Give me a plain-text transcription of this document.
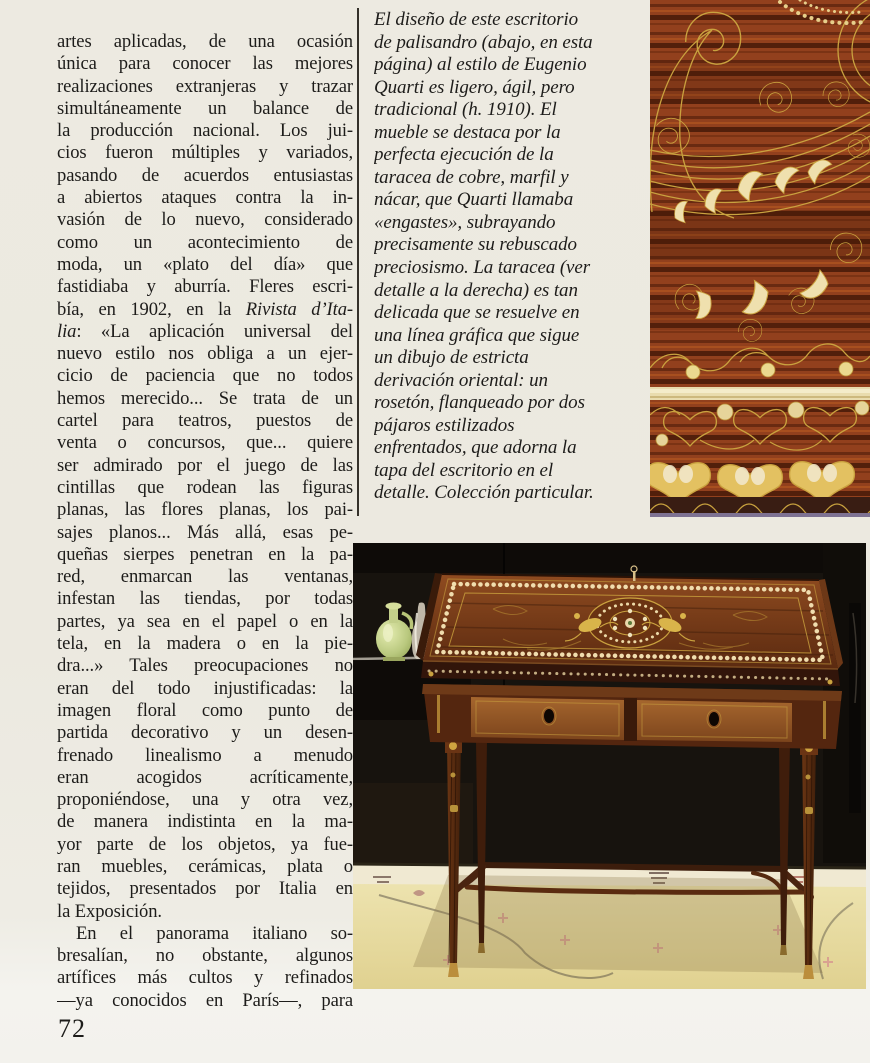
artes aplicadas, de una ocasión
única para conocer las mejores
realizaciones extranjeras y trazar
simultáneamente un balance de
la producción nacional. Los jui-
cios fueron múltiples y variados,
pasando de acuerdos entusiastas
a abiertos ataques contra la in-
vasión de lo nuevo, considerado
como un acontecimiento de
moda, un «plato del día» que
fastidiaba y aburría. Fleres escri-
bía, en 1902, en la Rivista d’Ita-
lia: «La aplicación universal del
nuevo estilo nos obliga a un ejer-
cicio de paciencia que no todos
hemos merecido... Se trata de un
cartel para teatros, puestos de
venta o concursos, que... quiere
ser admirado por el juego de las
cintillas que rodean las figuras
planas, las flores planas, los pai-
sajes planos... Más allá, esas pe-
queñas sierpes penetran en la pa-
red, enmarcan las ventanas,
infestan las tiendas, por todas
partes, ya sea en el papel o en la
tela, en la madera o en la pie-
dra...» Tales preocupaciones no
eran del todo injustificadas: la
imagen floral como punto de
partida decorativo y un desen-
frenado linealismo a menudo
eran acogidos acríticamente,
proponiéndose, una y otra vez,
de manera indistinta en la ma-
yor parte de los objetos, ya fue-
ran muebles, cerámicas, plata o
tejidos, presentados por Italia en
la Exposición.
En el panorama italiano so-
bresalían, no obstante, algunos
artífices más cultos y refinados
—ya conocidos en París—, para
El diseño de este escritorio
de palisandro (abajo, en esta
página) al estilo de Eugenio
Quarti es ligero, ágil, pero
tradicional (h. 1910). El
mueble se destaca por la
perfecta ejecución de la
taracea de cobre, marfil y
nácar, que Quarti llamaba
«engastes», subrayando
precisamente su rebuscado
preciosismo. La taracea (ver
detalle a la derecha) es tan
delicada que se resuelve en
una línea gráfica que sigue
un dibujo de estricta
derivación oriental: un
rosetón, flanqueado por dos
pájaros estilizados
enfrentados, que adorna la
tapa del escritorio en el
detalle. Colección particular.
72
